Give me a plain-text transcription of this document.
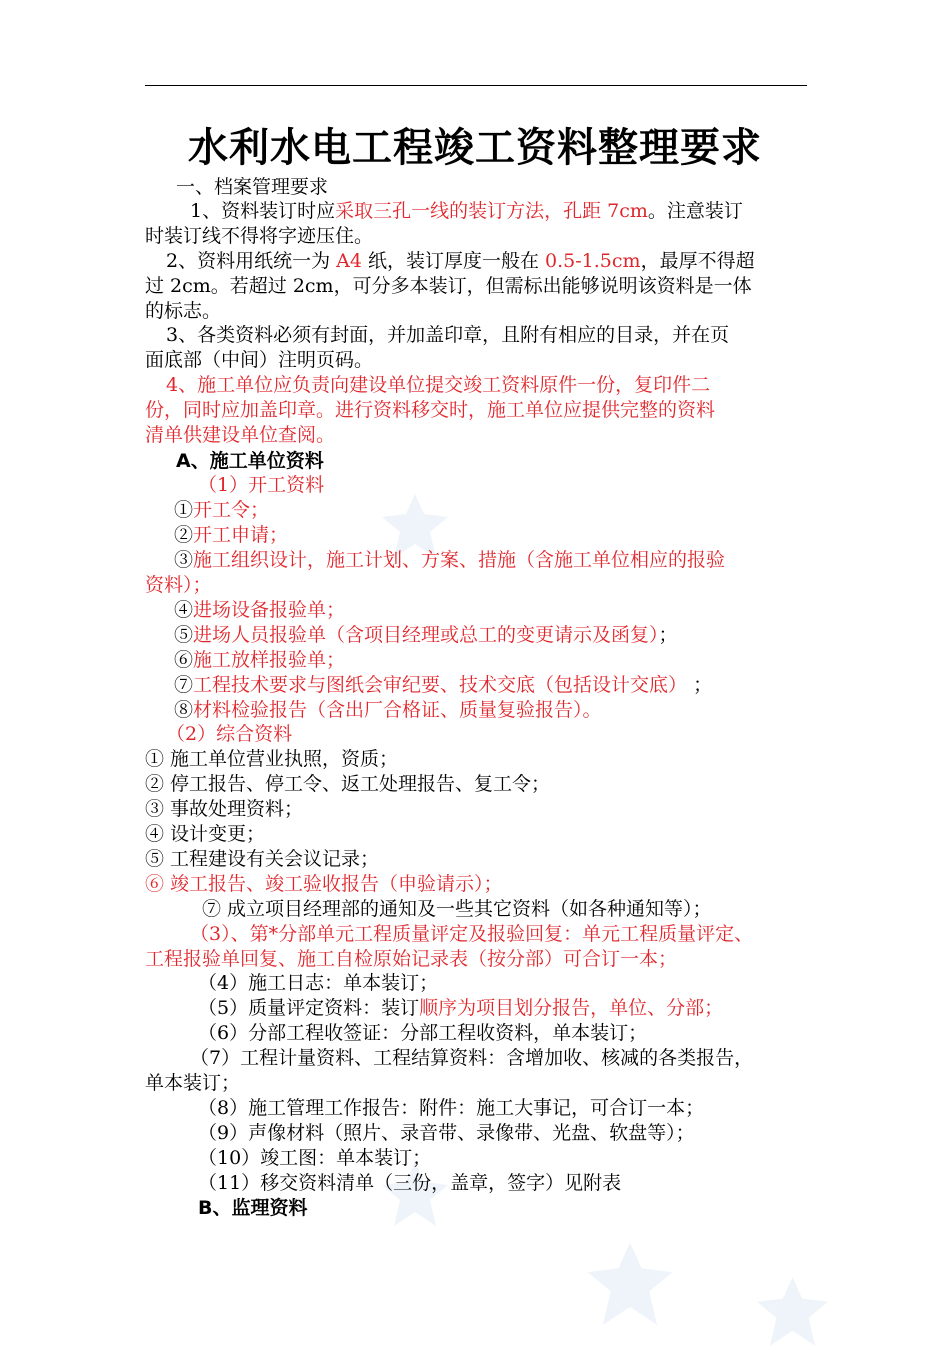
水利水电工程竣工资料整理要求
一、档案管理要求
1、资料装订时应采取三孔一线的装订方法，孔距 7cm。注意装订
时装订线不得将字迹压住。
2、资料用纸统一为 A4 纸，装订厚度一般在 0.5-1.5cm，最厚不得超
过 2cm。若超过 2cm，可分多本装订，但需标出能够说明该资料是一体
的标志。
3、各类资料必须有封面，并加盖印章，且附有相应的目录，并在页
面底部（中间）注明页码。
4、施工单位应负责向建设单位提交竣工资料原件一份，复印件二
份，同时应加盖印章。进行资料移交时，施工单位应提供完整的资料
清单供建设单位查阅。
A、施工单位资料
（1）开工资料
①开工令；
②开工申请；
③施工组织设计，施工计划、方案、措施（含施工单位相应的报验
资料）；
④进场设备报验单；
⑤进场人员报验单（含项目经理或总工的变更请示及函复）；
⑥施工放样报验单；
⑦工程技术要求与图纸会审纪要、技术交底（包括设计交底） ；
⑧材料检验报告（含出厂合格证、质量复验报告）。
（2）综合资料
① 施工单位营业执照，资质；
② 停工报告、停工令、返工处理报告、复工令；
③ 事故处理资料；
④ 设计变更；
⑤ 工程建设有关会议记录；
⑥ 竣工报告、竣工验收报告（申验请示）；
⑦ 成立项目经理部的通知及一些其它资料（如各种通知等）；
（3）、第*分部单元工程质量评定及报验回复：单元工程质量评定、
工程报验单回复、施工自检原始记录表（按分部）可合订一本；
（4）施工日志：单本装订；
（5）质量评定资料：装订顺序为项目划分报告，单位、分部；
（6）分部工程收签证：分部工程收资料，单本装订；
（7）工程计量资料、工程结算资料：含增加收、核减的各类报告，
单本装订；
（8）施工管理工作报告：附件：施工大事记，可合订一本；
（9）声像材料（照片、录音带、录像带、光盘、软盘等）；
（10）竣工图：单本装订；
（11）移交资料清单（三份，盖章，签字）见附表
B、监理资料
